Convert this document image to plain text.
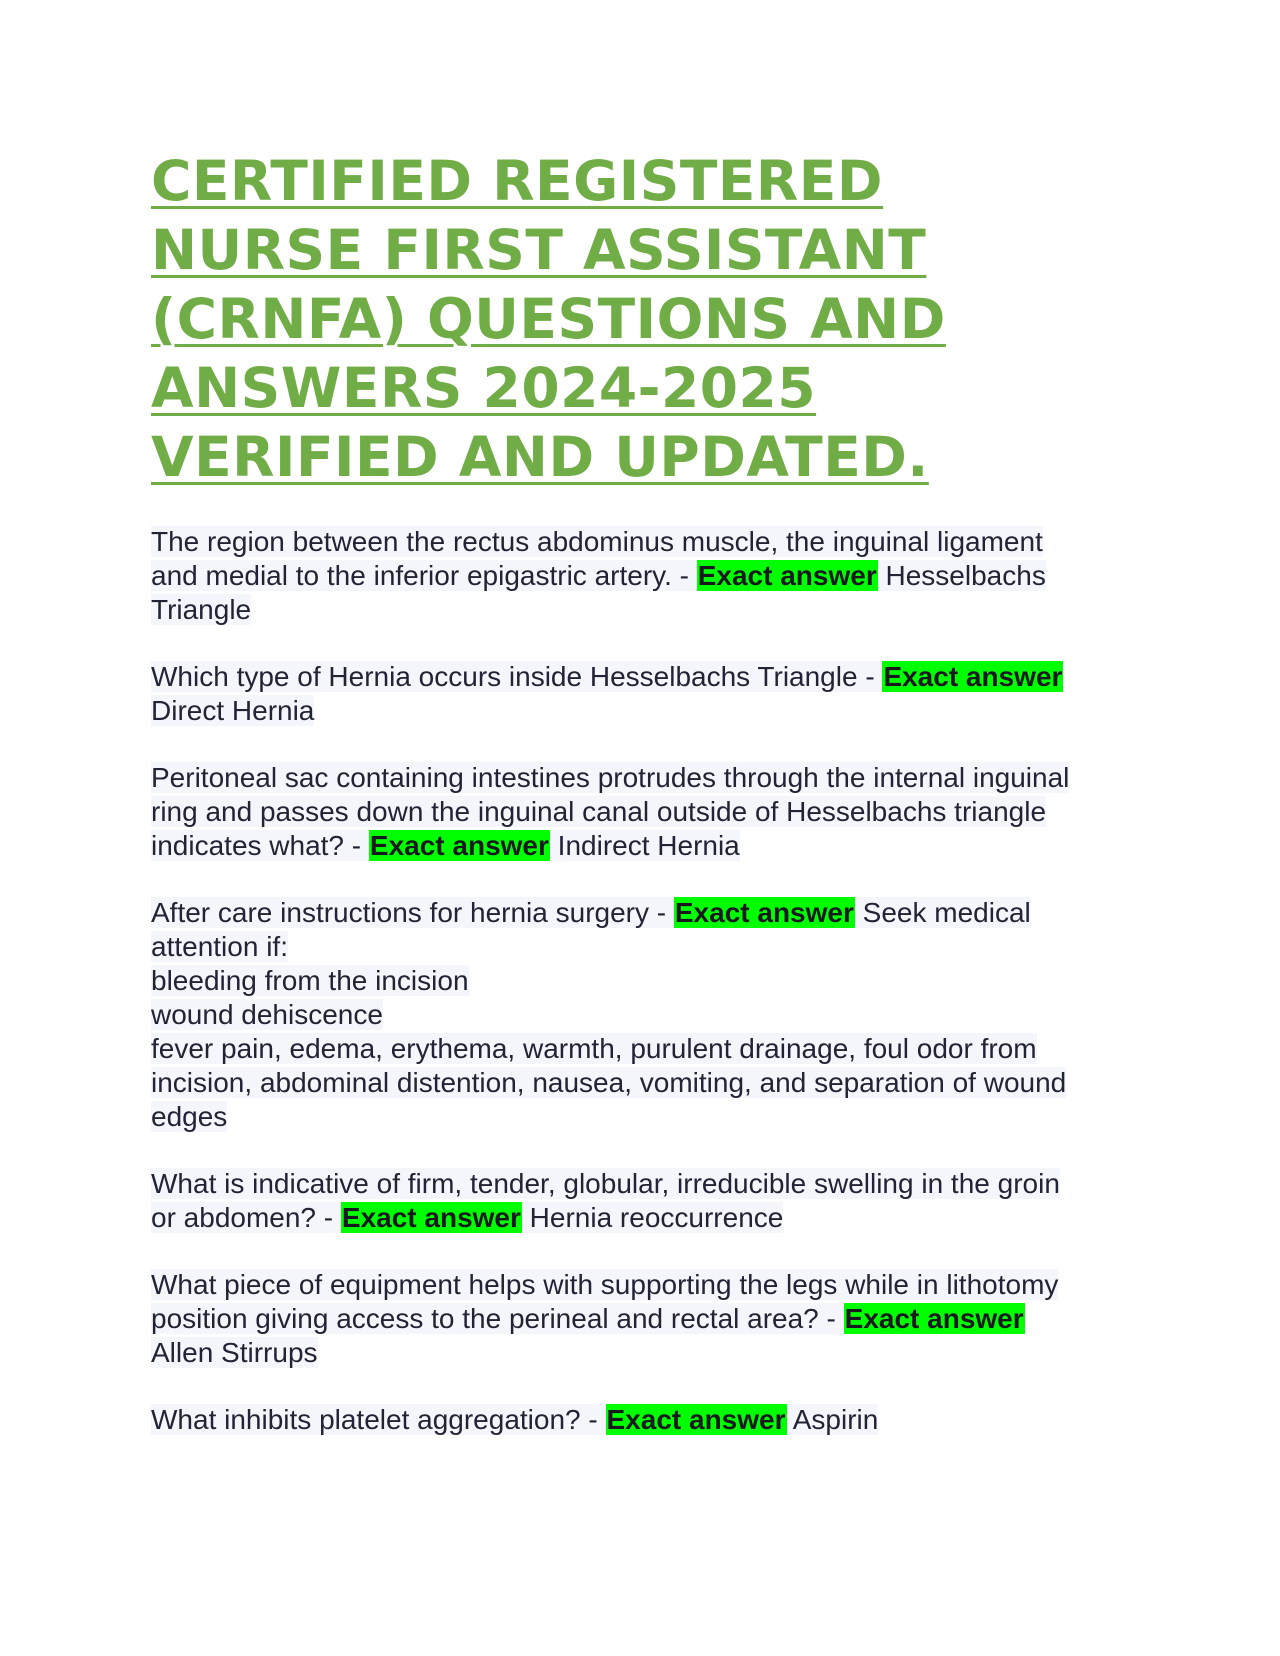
CERTIFIED REGISTERED
NURSE FIRST ASSISTANT
(CRNFA) QUESTIONS AND
ANSWERS 2024-2025
VERIFIED AND UPDATED.
The region between the rectus abdominus muscle, the inguinal ligament
and medial to the inferior epigastric artery. - Exact answer Hesselbachs
Triangle
Which type of Hernia occurs inside Hesselbachs Triangle - Exact answer
Direct Hernia
Peritoneal sac containing intestines protrudes through the internal inguinal
ring and passes down the inguinal canal outside of Hesselbachs triangle
indicates what? - Exact answer Indirect Hernia
After care instructions for hernia surgery - Exact answer Seek medical
attention if:
bleeding from the incision
wound dehiscence
fever pain, edema, erythema, warmth, purulent drainage, foul odor from
incision, abdominal distention, nausea, vomiting, and separation of wound
edges
What is indicative of firm, tender, globular, irreducible swelling in the groin
or abdomen? - Exact answer Hernia reoccurrence
What piece of equipment helps with supporting the legs while in lithotomy
position giving access to the perineal and rectal area? - Exact answer
Allen Stirrups
What inhibits platelet aggregation? - Exact answer Aspirin
